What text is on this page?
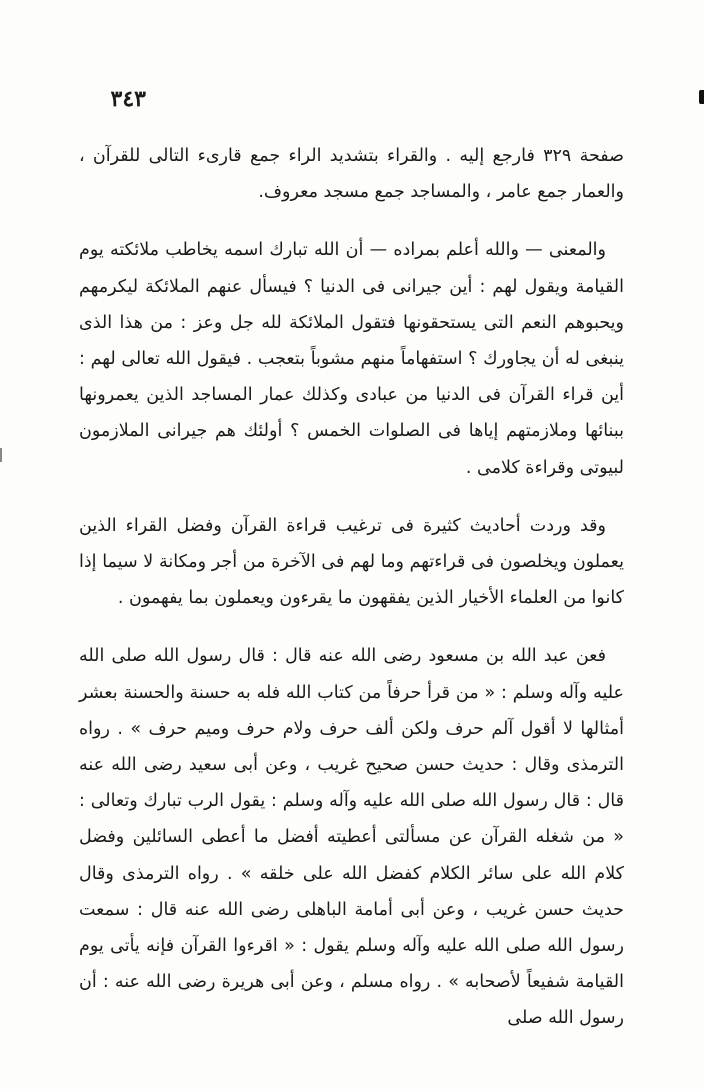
٣٤٣

صفحة ٣٢٩ فارجع إليه . والقراء بتشديد الراء جمع قارىء التالى للقرآن ، والعمار جمع عامر ، والمساجد جمع مسجد معروف.

والمعنى — والله أعلم بمراده — أن الله تبارك اسمه يخاطب ملائكته يوم القيامة ويقول لهم : أين جيرانى فى الدنيا ؟ فيسأل عنهم الملائكة ليكرمهم ويحبوهم النعم التى يستحقونها فتقول الملائكة لله جل وعز : من هذا الذى ينبغى له أن يجاورك ؟ استفهاماً منهم مشوباً بتعجب . فيقول الله تعالى لهم : أين قراء القرآن فى الدنيا من عبادى وكذلك عمار المساجد الذين يعمرونها ببنائها وملازمتهم إياها فى الصلوات الخمس ؟ أولئك هم جيرانى الملازمون لبيوتى وقراءة كلامى .

وقد وردت أحاديث كثيرة فى ترغيب قراءة القرآن وفضل القراء الذين يعملون ويخلصون فى قراءتهم وما لهم فى الآخرة من أجر ومكانة لا سيما إذا كانوا من العلماء الأخيار الذين يفقهون ما يقرءون ويعملون بما يفهمون .

فعن عبد الله بن مسعود رضى الله عنه قال : قال رسول الله صلى الله عليه وآله وسلم : « من قرأ حرفاً من كتاب الله فله به حسنة والحسنة بعشر أمثالها لا أقول آلم حرف ولكن ألف حرف ولام حرف وميم حرف » . رواه الترمذى وقال : حديث حسن صحيح غريب ، وعن أبى سعيد رضى الله عنه قال : قال رسول الله صلى الله عليه وآله وسلم : يقول الرب تبارك وتعالى : « من شغله القرآن عن مسألتى أعطيته أفضل ما أعطى السائلين وفضل كلام الله على سائر الكلام كفضل الله على خلقه » . رواه الترمذى وقال حديث حسن غريب ، وعن أبى أمامة الباهلى رضى الله عنه قال : سمعت رسول الله صلى الله عليه وآله وسلم يقول : « اقرءوا القرآن فإنه يأتى يوم القيامة شفيعاً لأصحابه » . رواه مسلم ، وعن أبى هريرة رضى الله عنه : أن رسول الله صلى
